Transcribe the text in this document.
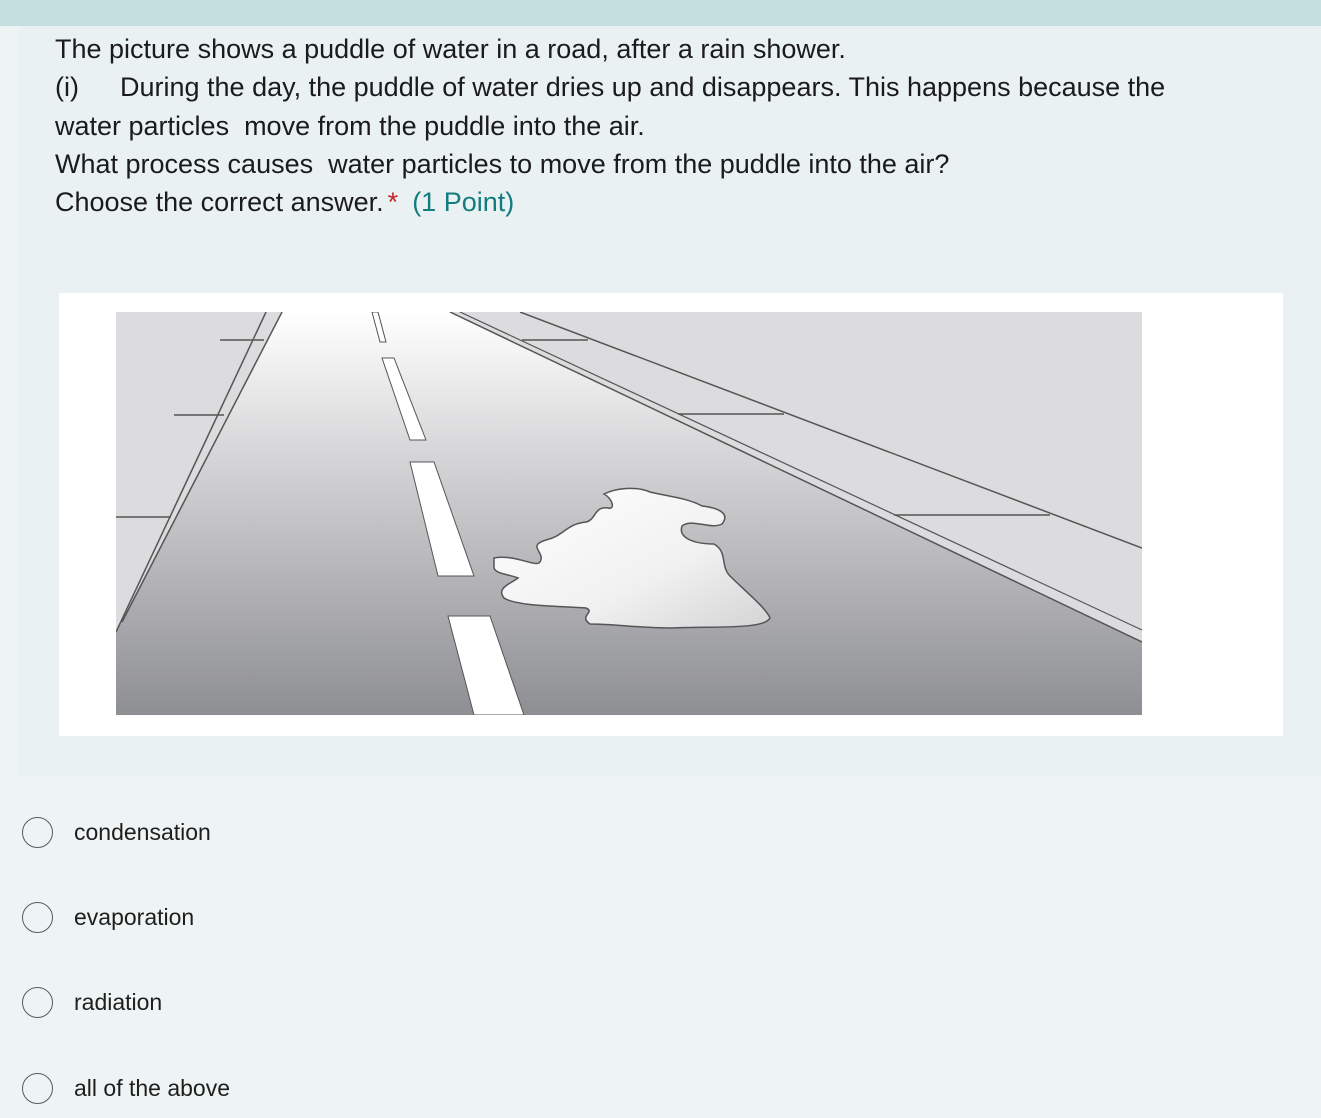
The picture shows a puddle of water in a road, after a rain shower.
(i) During the day, the puddle of water dries up and disappears. This happens because the
water particles  move from the puddle into the air.
What process causes  water particles to move from the puddle into the air?
Choose the correct answer. * (1 Point)
condensation
evaporation
radiation
all of the above
